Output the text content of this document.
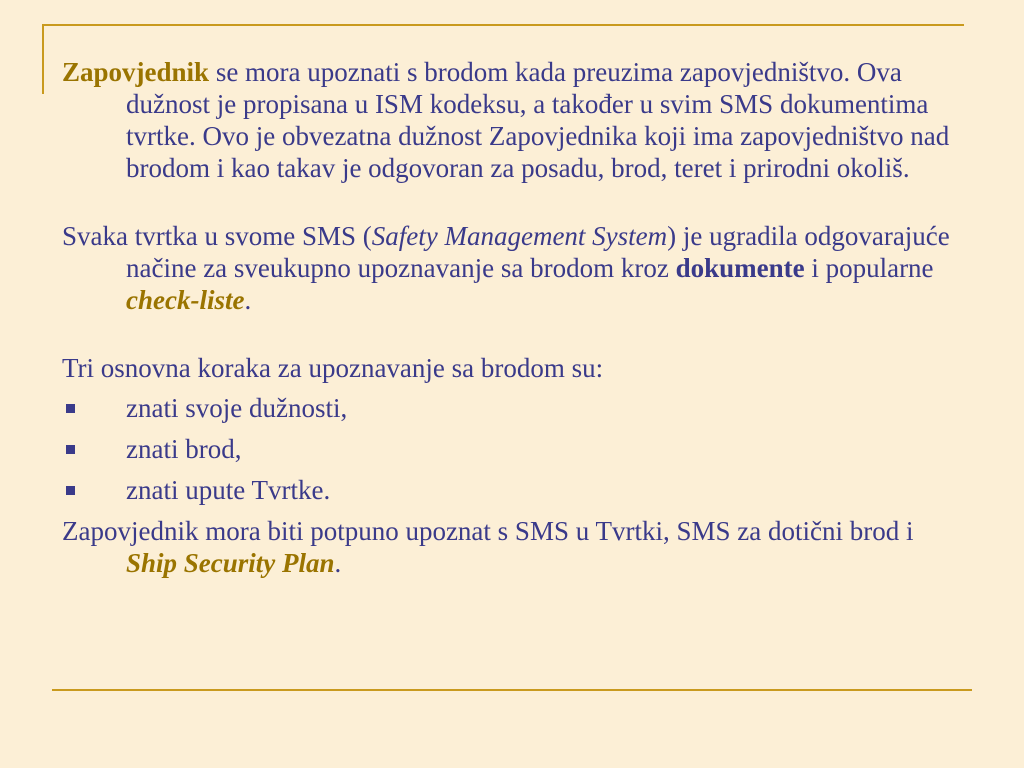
Zapovjednik se mora upoznati s brodom kada preuzima zapovjedništvo. Ova dužnost je propisana u ISM kodeksu, a također u svim SMS dokumentima tvrtke. Ovo je obvezatna dužnost Zapovjednika koji ima zapovjedništvo nad brodom i kao takav je odgovoran za posadu, brod, teret i prirodni okoliš.

Svaka tvrtka u svome SMS (Safety Management System) je ugradila odgovarajuće načine za sveukupno upoznavanje sa brodom kroz dokumente i popularne check-liste.

Tri osnovna koraka za upoznavanje sa brodom su:

znati svoje dužnosti,
znati brod,
znati upute Tvrtke.

Zapovjednik mora biti potpuno upoznat s SMS u Tvrtki, SMS za dotični brod i Ship Security Plan.
